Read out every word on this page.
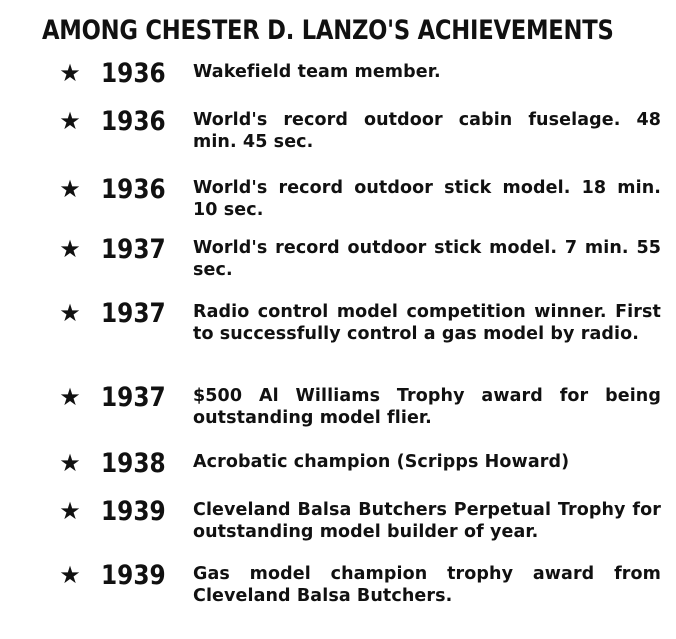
AMONG CHESTER D. LANZO'S ACHIEVEMENTS
★ 1936 Wakefield team member.
★ 1936 World's record outdoor cabin fuselage. 48 min. 45 sec.
★ 1936 World's record outdoor stick model. 18 min. 10 sec.
★ 1937 World's record outdoor stick model. 7 min. 55 sec.
★ 1937 Radio control model competition winner. First to successfully control a gas model by radio.
★ 1937 $500 Al Williams Trophy award for being outstanding model flier.
★ 1938 Acrobatic champion (Scripps Howard)
★ 1939 Cleveland Balsa Butchers Perpetual Trophy for outstanding model builder of year.
★ 1939 Gas model champion trophy award from Cleveland Balsa Butchers.
